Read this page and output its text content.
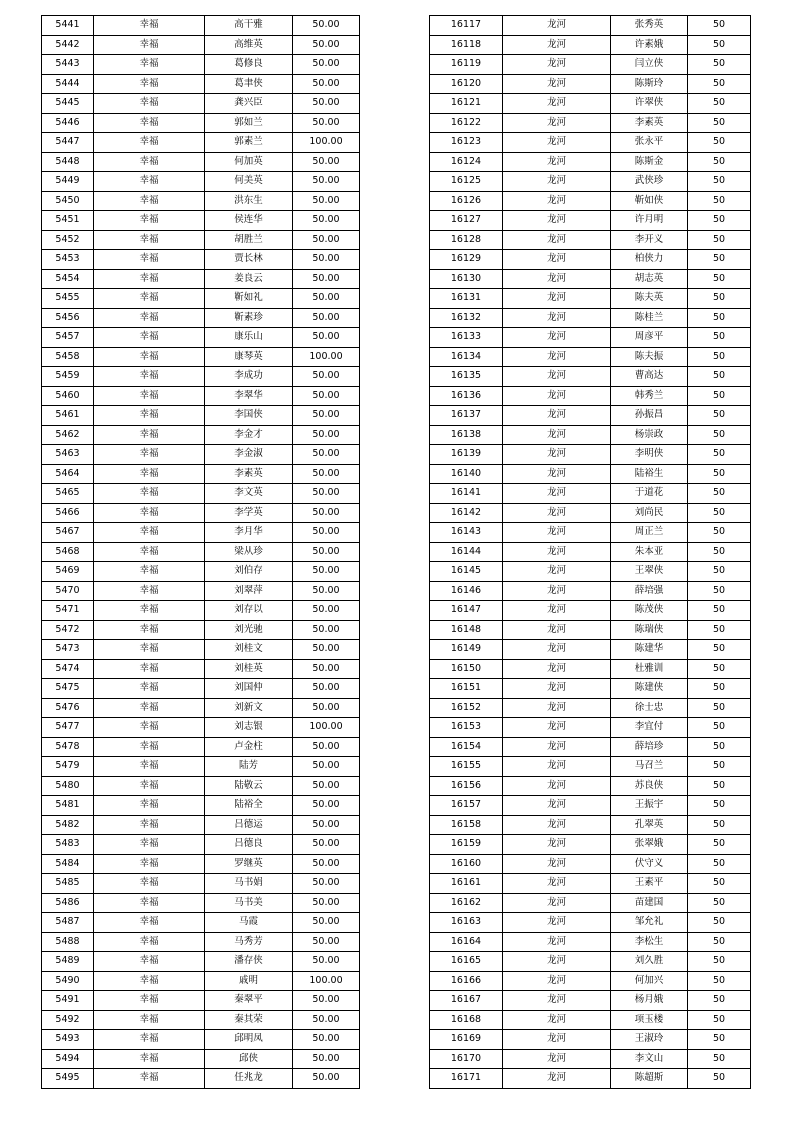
5441	幸福	高干雅	50.00
5442	幸福	高维英	50.00
5443	幸福	葛修良	50.00
5444	幸福	葛聿侠	50.00
5445	幸福	龚兴臣	50.00
5446	幸福	郭如兰	50.00
5447	幸福	郭素兰	100.00
5448	幸福	何加英	50.00
5449	幸福	何美英	50.00
5450	幸福	洪东生	50.00
5451	幸福	侯连华	50.00
5452	幸福	胡胜兰	50.00
5453	幸福	贾长林	50.00
5454	幸福	姜良云	50.00
5455	幸福	靳如礼	50.00
5456	幸福	靳素珍	50.00
5457	幸福	康乐山	50.00
5458	幸福	康琴英	100.00
5459	幸福	李成功	50.00
5460	幸福	李翠华	50.00
5461	幸福	李国侠	50.00
5462	幸福	李金才	50.00
5463	幸福	李金淑	50.00
5464	幸福	李素英	50.00
5465	幸福	李文英	50.00
5466	幸福	李学英	50.00
5467	幸福	李月华	50.00
5468	幸福	梁从珍	50.00
5469	幸福	刘伯存	50.00
5470	幸福	刘翠萍	50.00
5471	幸福	刘存以	50.00
5472	幸福	刘光驰	50.00
5473	幸福	刘桂文	50.00
5474	幸福	刘桂英	50.00
5475	幸福	刘国仲	50.00
5476	幸福	刘新文	50.00
5477	幸福	刘志银	100.00
5478	幸福	卢金柱	50.00
5479	幸福	陆芳	50.00
5480	幸福	陆敬云	50.00
5481	幸福	陆裕全	50.00
5482	幸福	吕德运	50.00
5483	幸福	吕德良	50.00
5484	幸福	罗继英	50.00
5485	幸福	马书娟	50.00
5486	幸福	马书美	50.00
5487	幸福	马霞	50.00
5488	幸福	马秀芳	50.00
5489	幸福	潘存侠	50.00
5490	幸福	戚明	100.00
5491	幸福	秦翠平	50.00
5492	幸福	秦其荣	50.00
5493	幸福	邱明凤	50.00
5494	幸福	邱侠	50.00
5495	幸福	任兆龙	50.00
16117	龙河	张秀英	50
16118	龙河	许素娥	50
16119	龙河	闫立侠	50
16120	龙河	陈斯玲	50
16121	龙河	许翠侠	50
16122	龙河	李素英	50
16123	龙河	张永平	50
16124	龙河	陈斯金	50
16125	龙河	武侠珍	50
16126	龙河	靳如侠	50
16127	龙河	许月明	50
16128	龙河	李开义	50
16129	龙河	柏侠力	50
16130	龙河	胡志英	50
16131	龙河	陈夫英	50
16132	龙河	陈桂兰	50
16133	龙河	周彦平	50
16134	龙河	陈夫振	50
16135	龙河	曹高达	50
16136	龙河	韩秀兰	50
16137	龙河	孙振昌	50
16138	龙河	杨崇政	50
16139	龙河	李明侠	50
16140	龙河	陆裕生	50
16141	龙河	于道花	50
16142	龙河	刘尚民	50
16143	龙河	周正兰	50
16144	龙河	朱本亚	50
16145	龙河	王翠侠	50
16146	龙河	薛培强	50
16147	龙河	陈茂侠	50
16148	龙河	陈瑞侠	50
16149	龙河	陈建华	50
16150	龙河	杜雅训	50
16151	龙河	陈建侠	50
16152	龙河	徐士忠	50
16153	龙河	李宜付	50
16154	龙河	薛培珍	50
16155	龙河	马召兰	50
16156	龙河	苏良侠	50
16157	龙河	王振宇	50
16158	龙河	孔翠英	50
16159	龙河	张翠娥	50
16160	龙河	伏守义	50
16161	龙河	王素平	50
16162	龙河	苗建国	50
16163	龙河	邹允礼	50
16164	龙河	李松生	50
16165	龙河	刘久胜	50
16166	龙河	何加兴	50
16167	龙河	杨月娥	50
16168	龙河	项玉楼	50
16169	龙河	王淑玲	50
16170	龙河	李文山	50
16171	龙河	陈超斯	50
